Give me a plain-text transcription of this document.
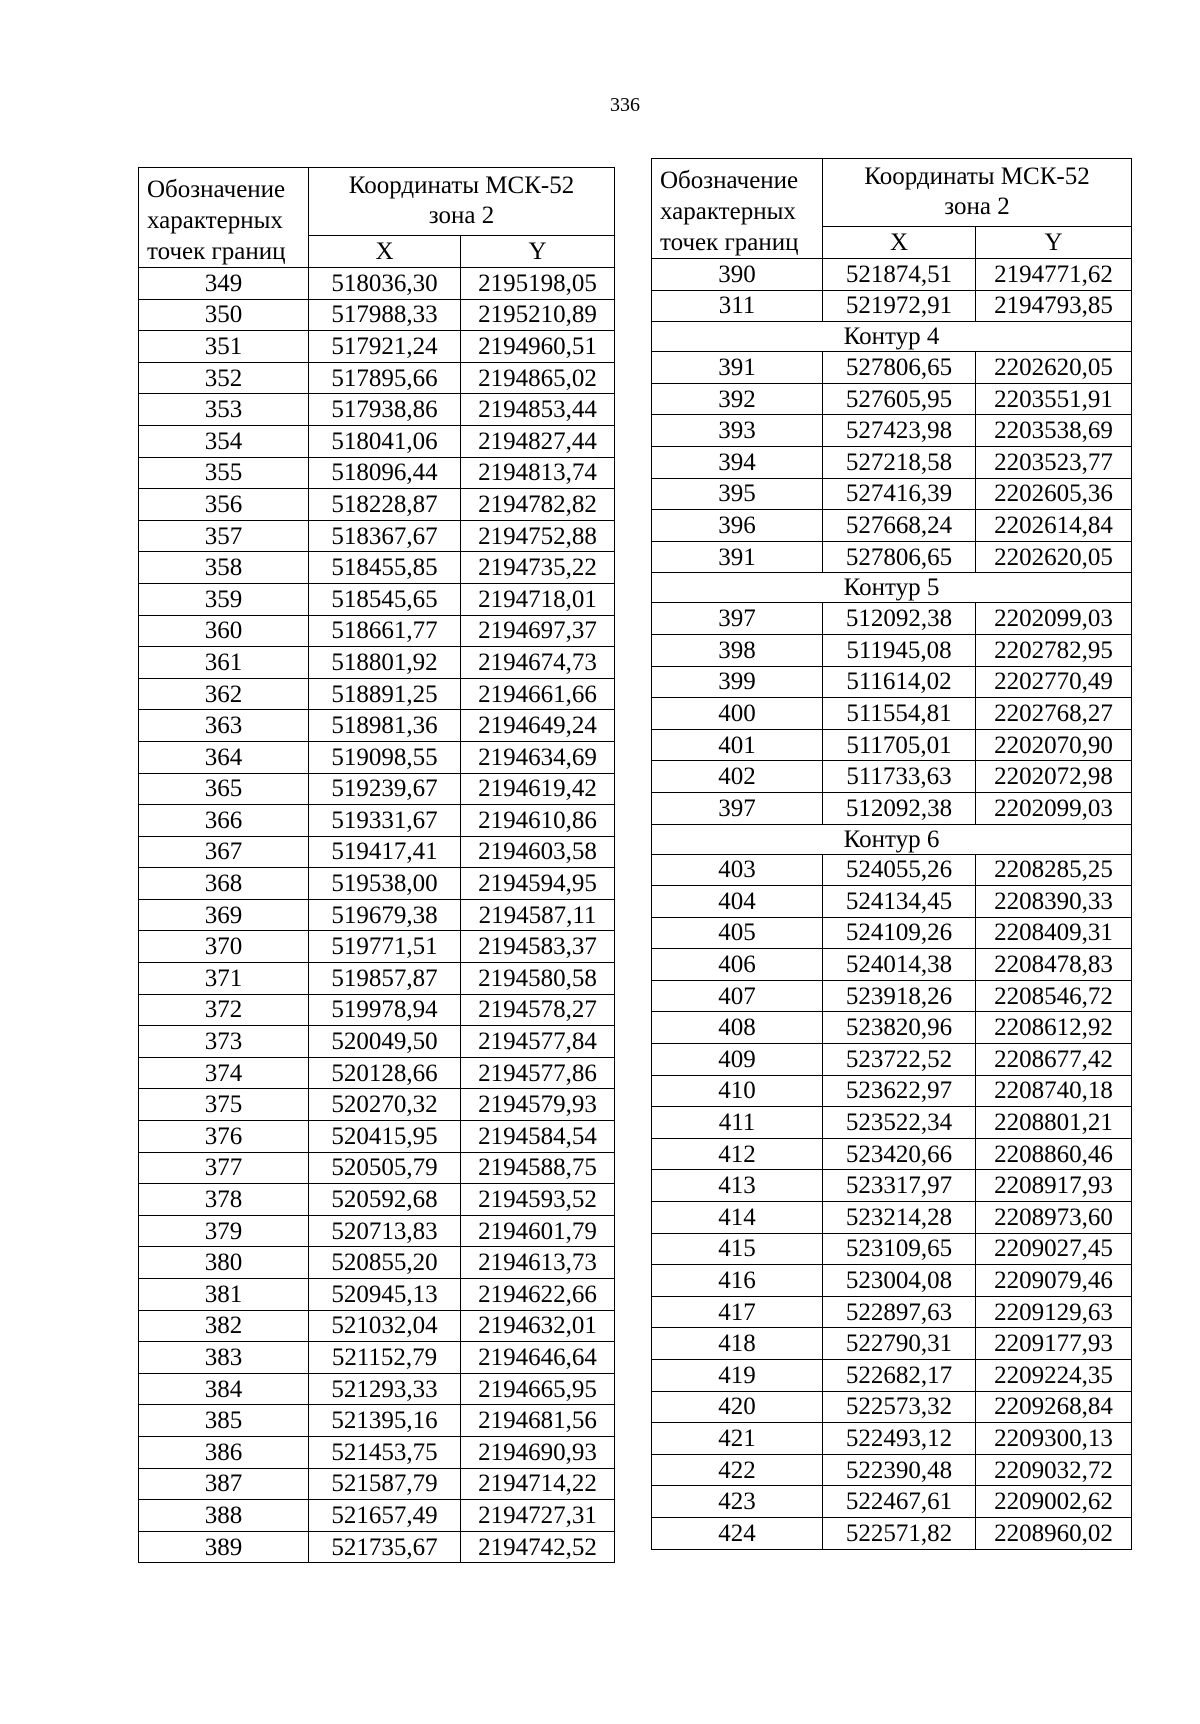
336
Обозначение
характерных
точек границ	Координаты МСК-52
зона 2	
	X	Y
349	518036,30	2195198,05
350	517988,33	2195210,89
351	517921,24	2194960,51
352	517895,66	2194865,02
353	517938,86	2194853,44
354	518041,06	2194827,44
355	518096,44	2194813,74
356	518228,87	2194782,82
357	518367,67	2194752,88
358	518455,85	2194735,22
359	518545,65	2194718,01
360	518661,77	2194697,37
361	518801,92	2194674,73
362	518891,25	2194661,66
363	518981,36	2194649,24
364	519098,55	2194634,69
365	519239,67	2194619,42
366	519331,67	2194610,86
367	519417,41	2194603,58
368	519538,00	2194594,95
369	519679,38	2194587,11
370	519771,51	2194583,37
371	519857,87	2194580,58
372	519978,94	2194578,27
373	520049,50	2194577,84
374	520128,66	2194577,86
375	520270,32	2194579,93
376	520415,95	2194584,54
377	520505,79	2194588,75
378	520592,68	2194593,52
379	520713,83	2194601,79
380	520855,20	2194613,73
381	520945,13	2194622,66
382	521032,04	2194632,01
383	521152,79	2194646,64
384	521293,33	2194665,95
385	521395,16	2194681,56
386	521453,75	2194690,93
387	521587,79	2194714,22
388	521657,49	2194727,31
389	521735,67	2194742,52
Обозначение
характерных
точек границ	Координаты МСК-52
зона 2	
	X	Y
390	521874,51	2194771,62
311	521972,91	2194793,85
Контур 4		
391	527806,65	2202620,05
392	527605,95	2203551,91
393	527423,98	2203538,69
394	527218,58	2203523,77
395	527416,39	2202605,36
396	527668,24	2202614,84
391	527806,65	2202620,05
Контур 5		
397	512092,38	2202099,03
398	511945,08	2202782,95
399	511614,02	2202770,49
400	511554,81	2202768,27
401	511705,01	2202070,90
402	511733,63	2202072,98
397	512092,38	2202099,03
Контур 6		
403	524055,26	2208285,25
404	524134,45	2208390,33
405	524109,26	2208409,31
406	524014,38	2208478,83
407	523918,26	2208546,72
408	523820,96	2208612,92
409	523722,52	2208677,42
410	523622,97	2208740,18
411	523522,34	2208801,21
412	523420,66	2208860,46
413	523317,97	2208917,93
414	523214,28	2208973,60
415	523109,65	2209027,45
416	523004,08	2209079,46
417	522897,63	2209129,63
418	522790,31	2209177,93
419	522682,17	2209224,35
420	522573,32	2209268,84
421	522493,12	2209300,13
422	522390,48	2209032,72
423	522467,61	2209002,62
424	522571,82	2208960,02
